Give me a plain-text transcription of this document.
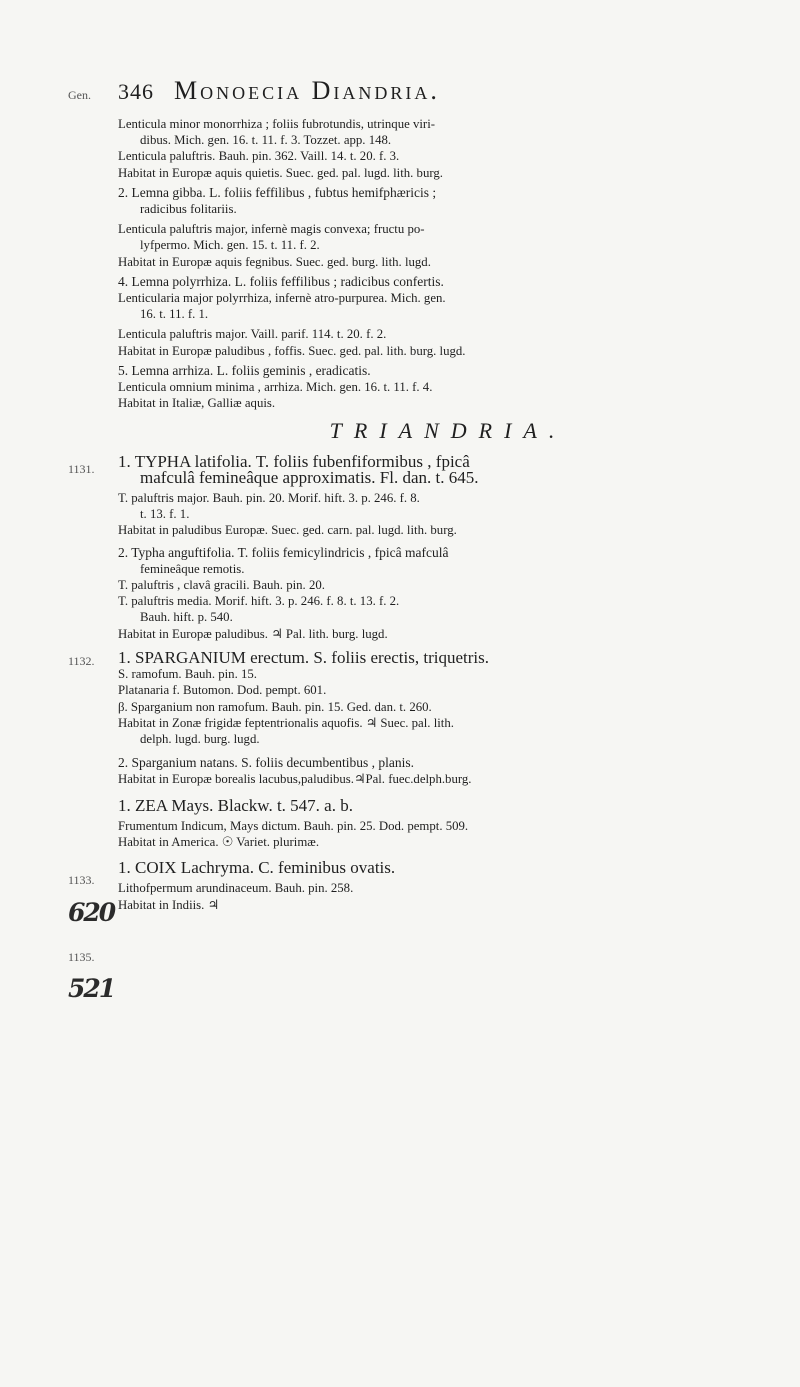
Gen.
1131.
1132.
1133.
620
1135.
521
346 Monoecia Diandria.

Lenticula minor monorrhiza ; foliis fubrotundis, utrinque viri-

dibus. Mich. gen. 16. t. 11. f. 3. Tozzet. app. 148.

Lenticula paluftris. Bauh. pin. 362. Vaill. 14. t. 20. f. 3.

Habitat in Europæ aquis quietis. Suec. ged. pal. lugd. lith. burg.

2. Lemna gibba. L. foliis feffilibus , fubtus hemifphæricis ;

radicibus folitariis.

Lenticula paluftris major, infernè magis convexa; fructu po-

lyfpermo. Mich. gen. 15. t. 11. f. 2.

Habitat in Europæ aquis fegnibus. Suec. ged. burg. lith. lugd.

4. Lemna polyrrhiza. L. foliis feffilibus ; radicibus confertis.

Lenticularia major polyrrhiza, infernè atro-purpurea. Mich. gen.

16. t. 11. f. 1.

Lenticula paluftris major. Vaill. parif. 114. t. 20. f. 2.

Habitat in Europæ paludibus , foffis. Suec. ged. pal. lith. burg. lugd.

5. Lemna arrhiza. L. foliis geminis , eradicatis.

Lenticula omnium minima , arrhiza. Mich. gen. 16. t. 11. f. 4.

Habitat in Italiæ, Galliæ aquis.

TRIANDRIA.

1. TYPHA latifolia. T. foliis fubenfiformibus , fpicâ

mafculâ femineâque approximatis. Fl. dan. t. 645.

T. paluftris major. Bauh. pin. 20. Morif. hift. 3. p. 246. f. 8.

t. 13. f. 1.

Habitat in paludibus Europæ. Suec. ged. carn. pal. lugd. lith. burg.

2. Typha anguftifolia. T. foliis femicylindricis , fpicâ mafculâ

femineâque remotis.

T. paluftris , clavâ gracili. Bauh. pin. 20.

T. paluftris media. Morif. hift. 3. p. 246. f. 8. t. 13. f. 2.

Bauh. hift. p. 540.

Habitat in Europæ paludibus. ♃ Pal. lith. burg. lugd.

1. SPARGANIUM erectum. S. foliis erectis, triquetris.

S. ramofum. Bauh. pin. 15.

Platanaria f. Butomon. Dod. pempt. 601.

β. Sparganium non ramofum. Bauh. pin. 15. Ged. dan. t. 260.

Habitat in Zonæ frigidæ feptentrionalis aquofis. ♃ Suec. pal. lith.

delph. lugd. burg. lugd.

2. Sparganium natans. S. foliis decumbentibus , planis.

Habitat in Europæ borealis lacubus,paludibus.♃Pal. fuec.delph.burg.

1. ZEA Mays. Blackw. t. 547. a. b.

Frumentum Indicum, Mays dictum. Bauh. pin. 25. Dod. pempt. 509.

Habitat in America. ☉ Variet. plurimæ.

1. COIX Lachryma. C. feminibus ovatis.

Lithofpermum arundinaceum. Bauh. pin. 258.

Habitat in Indiis. ♃
